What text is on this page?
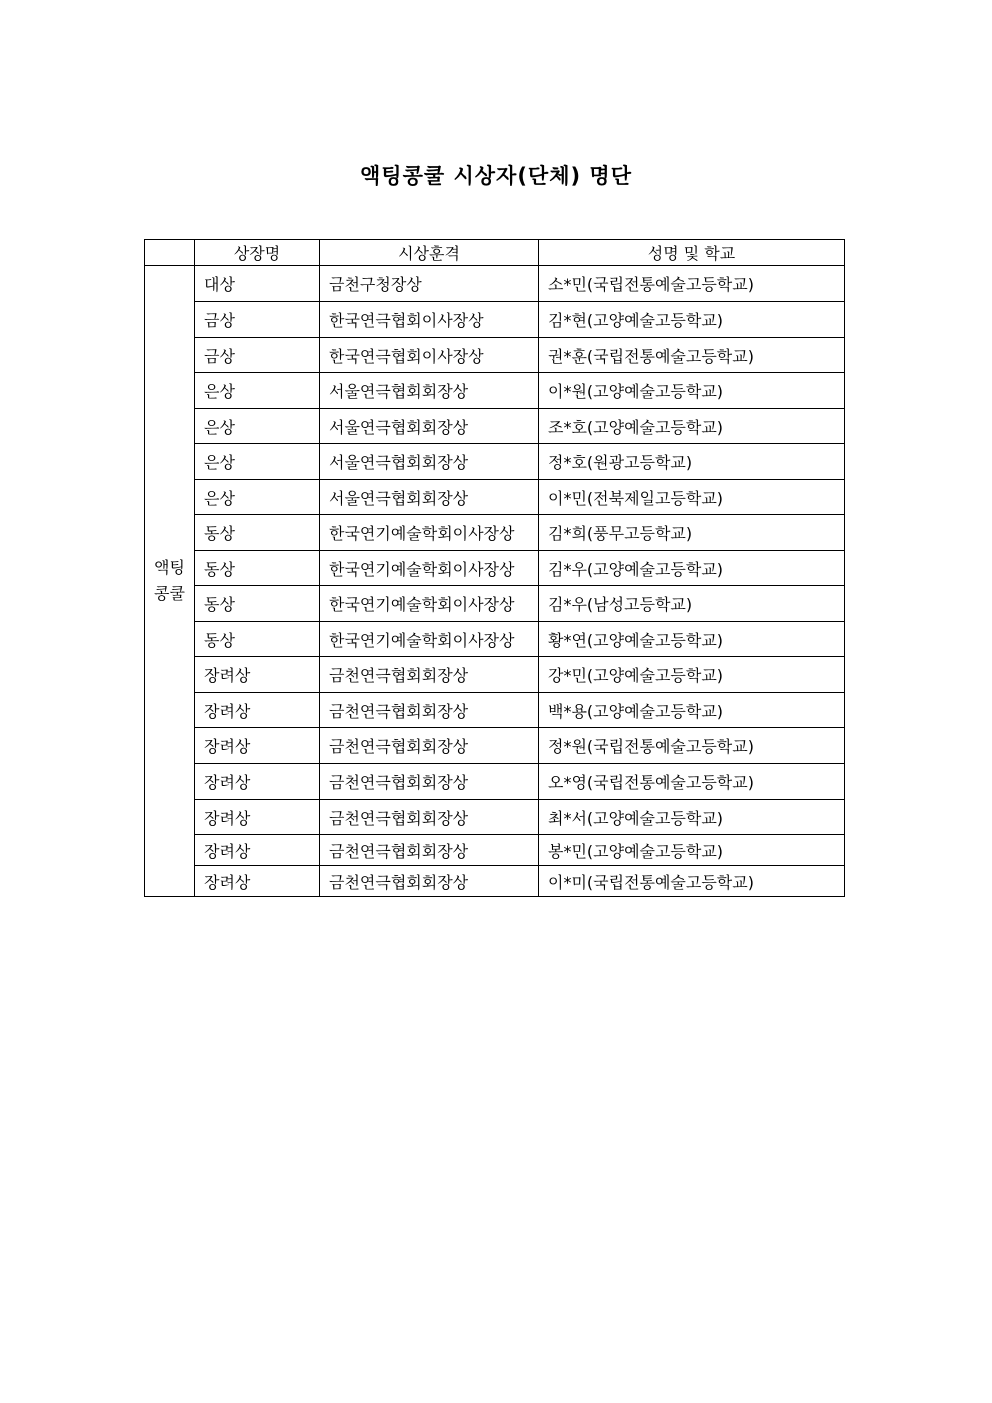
액팅콩쿨 시상자(단체) 명단
	상장명	시상훈격	성명 및 학교

액팅
콩쿨	대상	금천구청장상	소*민(국립전통예술고등학교)
	금상	한국연극협회이사장상	김*현(고양예술고등학교)
	금상	한국연극협회이사장상	권*훈(국립전통예술고등학교)
	은상	서울연극협회회장상	이*원(고양예술고등학교)
	은상	서울연극협회회장상	조*호(고양예술고등학교)
	은상	서울연극협회회장상	정*호(원광고등학교)
	은상	서울연극협회회장상	이*민(전북제일고등학교)
	동상	한국연기예술학회이사장상	김*희(풍무고등학교)
	동상	한국연기예술학회이사장상	김*우(고양예술고등학교)
	동상	한국연기예술학회이사장상	김*우(남성고등학교)
	동상	한국연기예술학회이사장상	황*연(고양예술고등학교)
	장려상	금천연극협회회장상	강*민(고양예술고등학교)
	장려상	금천연극협회회장상	백*용(고양예술고등학교)
	장려상	금천연극협회회장상	정*원(국립전통예술고등학교)
	장려상	금천연극협회회장상	오*영(국립전통예술고등학교)
	장려상	금천연극협회회장상	최*서(고양예술고등학교)
	장려상	금천연극협회회장상	봉*민(고양예술고등학교)
	장려상	금천연극협회회장상	이*미(국립전통예술고등학교)
